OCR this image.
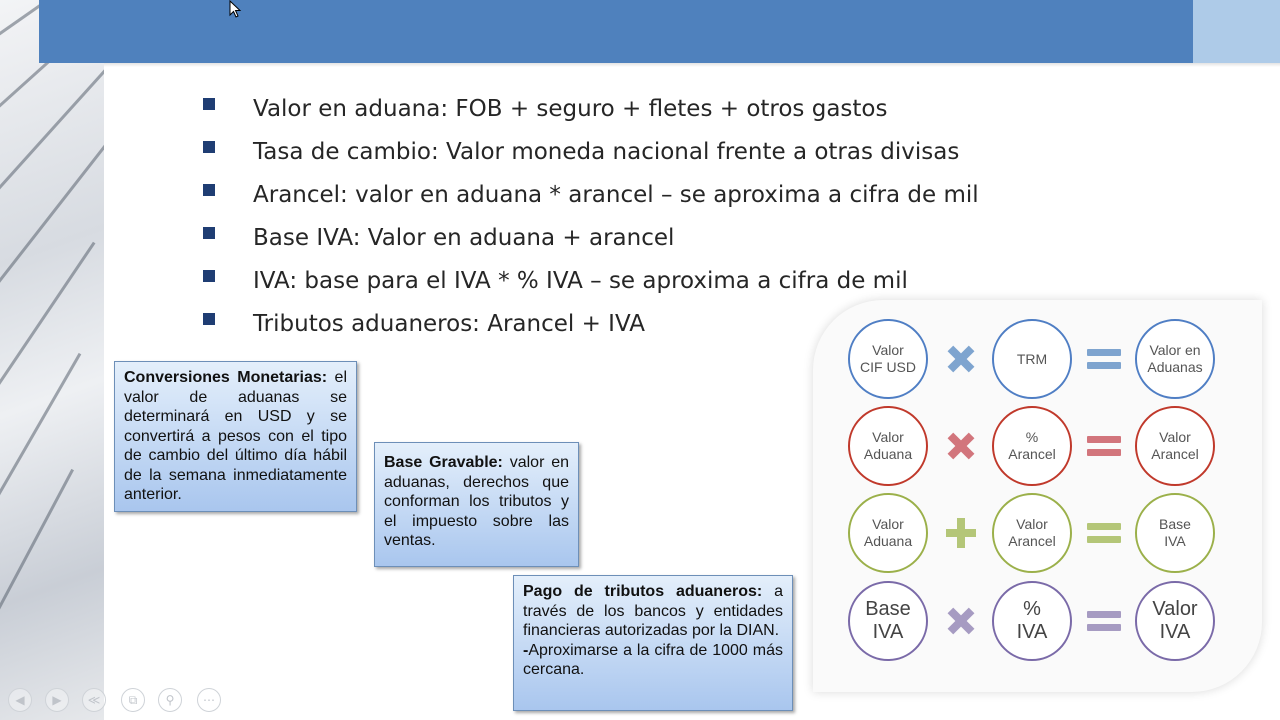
Valor en aduana: FOB + seguro + fletes + otros gastos
Tasa de cambio: Valor moneda nacional frente a otras divisas
Arancel: valor en aduana * arancel – se aproxima a cifra de mil
Base IVA: Valor en aduana + arancel
IVA: base para el IVA * % IVA – se aproxima a cifra de mil
Tributos aduaneros: Arancel + IVA
Conversiones Monetarias: el valor de aduanas se determinará en USD y se convertirá a pesos con el tipo de cambio del último día hábil de la semana inmediatamente anterior.
Base Gravable: valor en aduanas, derechos que conforman los tributos y el impuesto sobre las ventas.
Pago de tributos aduaneros: a través de los bancos y entidades financieras autorizadas por la DIAN.
-Aproximarse a la cifra de 1000 más cercana.
Valor
CIF USD
TRM
Valor en
Aduanas
Valor
Aduana
%
Arancel
Valor
Arancel
Valor
Aduana
Valor
Arancel
Base
IVA
Base
IVA
%
IVA
Valor
IVA
◀	▶	≪	⧉	⚲	⋯
